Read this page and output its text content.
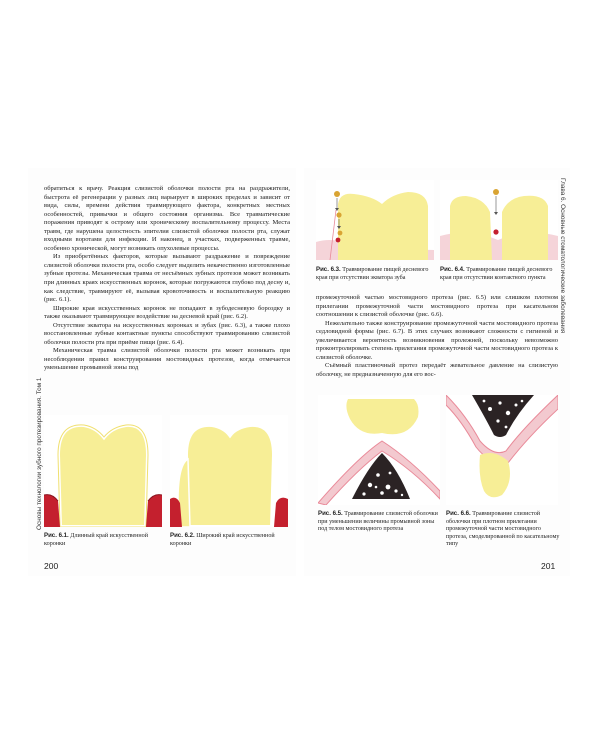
Основы технологии зубного протезирования. Том 1

обратиться к врачу. Реакция слизистой оболочки полости рта на раздражители, быстрота её регенерации у разных лиц варьирует в широких пределах и зависит от вида, силы, времени действия травмирующего фактора, конкретных местных особенностей, привычки и общего состояния организма. Все травматические поражения приводят к острому или хроническому воспалительному процессу. Места травм, где нарушена целостность эпителия слизистой оболочки полости рта, служат входными воротами для инфекции. И наконец, в участках, подверженных травме, особенно хронической, могут возникать опухолевые процессы.

Из приобретённых факторов, которые вызывают раздражение и повреждение слизистой оболочки полости рта, особо следует выделить некачественно изготовленные зубные протезы. Механическая травма от несъёмных зубных протезов может возникать при длинных краях искусственных коронок, которые погружаются глубоко под десну и, как следствие, травмируют её, вызывая кровоточивость и воспалительную реакцию (рис. 6.1).

Широкие края искусственных коронок не попадают в зубодесневую бороздку и также оказывают травмирующее воздействие на десневой край (рис. 6.2).

Отсутствие экватора на искусственных коронках и зубах (рис. 6.3), а также плохо восстановленные зубные контактные пункты способствуют травмированию слизистой оболочки полости рта при приёме пищи (рис. 6.4).

Механическая травма слизистой оболочки полости рта может возникать при несоблюдении правил конструирования мостовидных протезов, когда отмечается уменьшение промывной зоны под

Рис. 6.1. Длинный край искусственной коронки
Рис. 6.2. Широкий край искусственной коронки
200
Глава 6. Основные стоматологические заболевания
Рис. 6.3. Травмирование пищей десневого края при отсутствии экватора зуба
Рис. 6.4. Травмирование пищей десневого края при отсутствии контактного пункта

промежуточной частью мостовидного протеза (рис. 6.5) или слишком плотном прилегании промежуточной части мостовидного протеза при касательном соотношении к слизистой оболочке (рис. 6.6).

Нежелательно также конструирование промежуточной части мостовидного протеза седловидной формы (рис. 6.7). В этих случаях возникают сложности с гигиеной и увеличивается вероятность возникновения пролежней, поскольку невозможно проконтролировать степень прилегания промежуточной части мостовидного протеза к слизистой оболочке.

Съёмный пластиночный протез передаёт жевательное давление на слизистую оболочку, не предназначенную для его вос-

Рис. 6.5. Травмирование слизистой оболочки при уменьшении величины промывной зоны под телом мостовидного протеза
Рис. 6.6. Травмирование слизистой оболочки при плотном прилегании промежуточной части мостовидного протеза, смоделированной по касательному типу
201
